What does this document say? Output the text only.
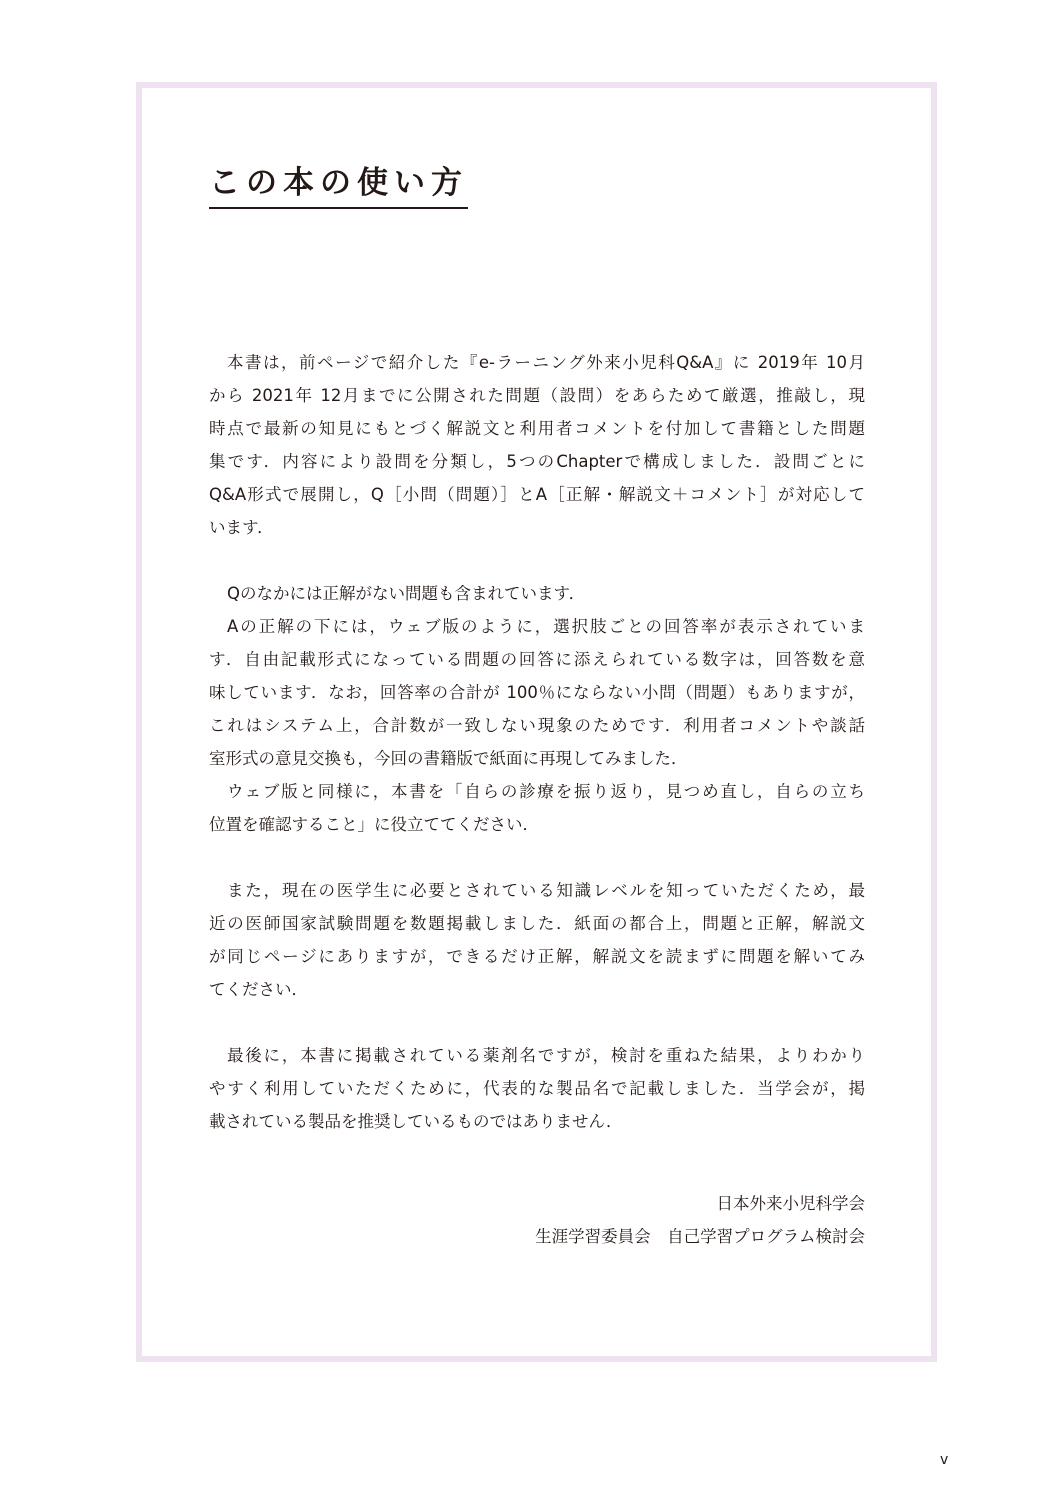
この本の使い方
本書は，前ページで紹介した『e-ラーニング外来小児科Q&A』に 2019年 10月
から 2021年 12月までに公開された問題（設問）をあらためて厳選，推敲し，現
時点で最新の知見にもとづく解説文と利用者コメントを付加して書籍とした問題
集です．内容により設問を分類し，5つのChapterで構成しました．設問ごとに
Q&A形式で展開し，Q［小問（問題）］とA［正解・解説文＋コメント］が対応して
います．
Qのなかには正解がない問題も含まれています．
Aの正解の下には，ウェブ版のように，選択肢ごとの回答率が表示されていま
す．自由記載形式になっている問題の回答に添えられている数字は，回答数を意
味しています．なお，回答率の合計が 100％にならない小問（問題）もありますが，
これはシステム上，合計数が一致しない現象のためです．利用者コメントや談話
室形式の意見交換も，今回の書籍版で紙面に再現してみました．
ウェブ版と同様に，本書を「自らの診療を振り返り，見つめ直し，自らの立ち
位置を確認すること」に役立ててください．
また，現在の医学生に必要とされている知識レベルを知っていただくため，最
近の医師国家試験問題を数題掲載しました．紙面の都合上，問題と正解，解説文
が同じページにありますが，できるだけ正解，解説文を読まずに問題を解いてみ
てください．
最後に，本書に掲載されている薬剤名ですが，検討を重ねた結果，よりわかり
やすく利用していただくために，代表的な製品名で記載しました．当学会が，掲
載されている製品を推奨しているものではありません．
日本外来小児科学会
生涯学習委員会　自己学習プログラム検討会
v
